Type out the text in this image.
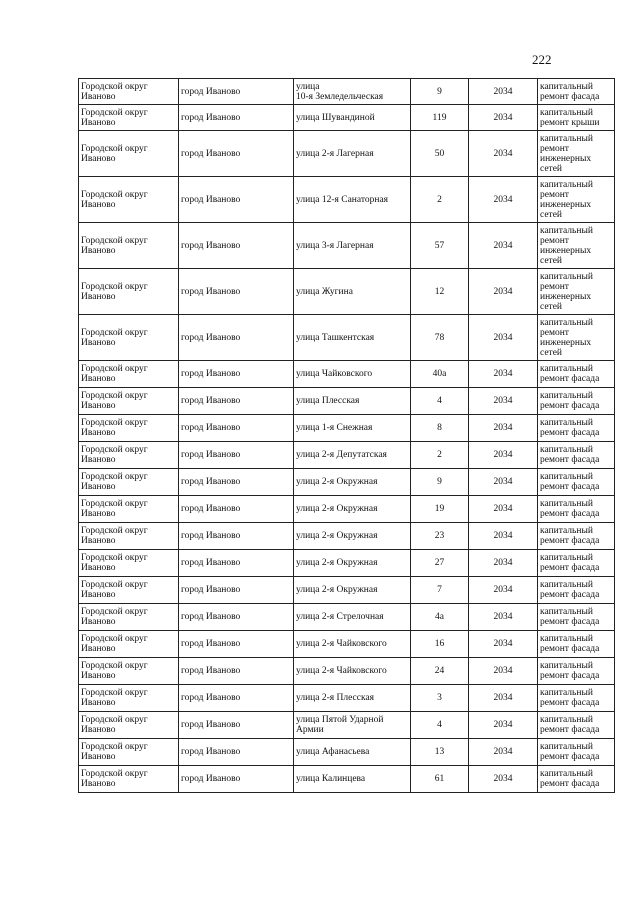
222
Городской округ
Иваново	город Иваново	улица
10-я Земледельческая	9	2034	капитальный
ремонт фасада

Городской округ
Иваново	город Иваново	улица Шувандиной	119	2034	капитальный
ремонт крыши

Городской округ
Иваново	город Иваново	улица 2-я Лагерная	50	2034	капитальный
ремонт
инженерных
сетей

Городской округ
Иваново	город Иваново	улица 12-я Санаторная	2	2034	капитальный
ремонт
инженерных
сетей

Городской округ
Иваново	город Иваново	улица 3-я Лагерная	57	2034	капитальный
ремонт
инженерных
сетей

Городской округ
Иваново	город Иваново	улица Жугина	12	2034	капитальный
ремонт
инженерных
сетей

Городской округ
Иваново	город Иваново	улица Ташкентская	78	2034	капитальный
ремонт
инженерных
сетей

Городской округ
Иваново	город Иваново	улица Чайковского	40а	2034	капитальный
ремонт фасада

Городской округ
Иваново	город Иваново	улица Плесская	4	2034	капитальный
ремонт фасада

Городской округ
Иваново	город Иваново	улица 1-я Снежная	8	2034	капитальный
ремонт фасада

Городской округ
Иваново	город Иваново	улица 2-я Депутатская	2	2034	капитальный
ремонт фасада

Городской округ
Иваново	город Иваново	улица 2-я Окружная	9	2034	капитальный
ремонт фасада

Городской округ
Иваново	город Иваново	улица 2-я Окружная	19	2034	капитальный
ремонт фасада

Городской округ
Иваново	город Иваново	улица 2-я Окружная	23	2034	капитальный
ремонт фасада

Городской округ
Иваново	город Иваново	улица 2-я Окружная	27	2034	капитальный
ремонт фасада

Городской округ
Иваново	город Иваново	улица 2-я Окружная	7	2034	капитальный
ремонт фасада

Городской округ
Иваново	город Иваново	улица 2-я Стрелочная	4а	2034	капитальный
ремонт фасада

Городской округ
Иваново	город Иваново	улица 2-я Чайковского	16	2034	капитальный
ремонт фасада

Городской округ
Иваново	город Иваново	улица 2-я Чайковского	24	2034	капитальный
ремонт фасада

Городской округ
Иваново	город Иваново	улица 2-я Плесская	3	2034	капитальный
ремонт фасада

Городской округ
Иваново	город Иваново	улица Пятой Ударной
Армии	4	2034	капитальный
ремонт фасада

Городской округ
Иваново	город Иваново	улица Афанасьева	13	2034	капитальный
ремонт фасада

Городской округ
Иваново	город Иваново	улица Калинцева	61	2034	капитальный
ремонт фасада
